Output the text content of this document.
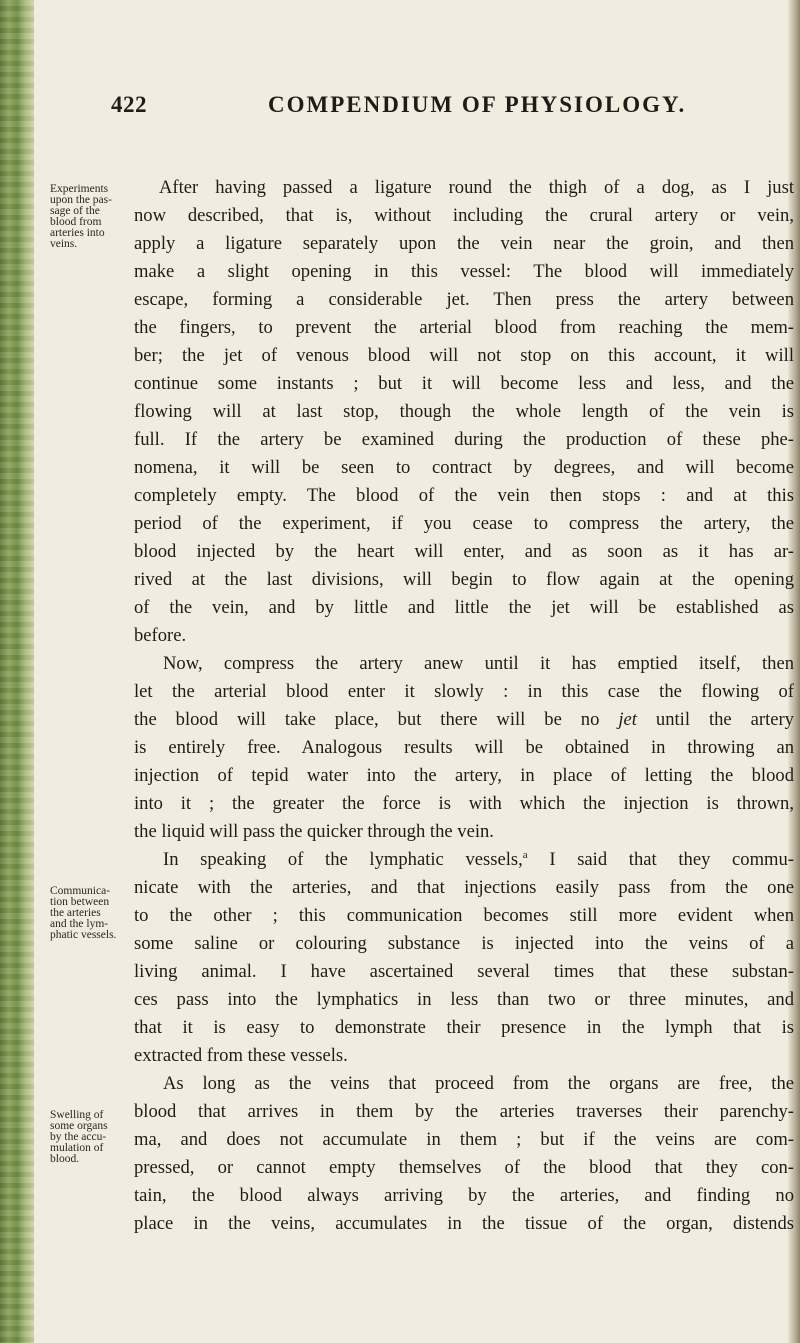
422	COMPENDIUM OF PHYSIOLOGY.
Experiments
upon the pas-
sage of the
blood from
arteries into
veins.
Communica-
tion between
the arteries
and the lym-
phatic vessels.
Swelling of
some organs
by the accu-
mulation of
blood.
After having passed a ligature round the thigh of a dog, as I just
now described, that is, without including the crural artery or vein,
apply a ligature separately upon the vein near the groin, and then
make a slight opening in this vessel: The blood will immediately
escape, forming a considerable jet. Then press the artery between
the fingers, to prevent the arterial blood from reaching the mem-
ber; the jet of venous blood will not stop on this account, it will
continue some instants ; but it will become less and less, and the
flowing will at last stop, though the whole length of the vein is
full. If the artery be examined during the production of these phe-
nomena, it will be seen to contract by degrees, and will become
completely empty. The blood of the vein then stops : and at this
period of the experiment, if you cease to compress the artery, the
blood injected by the heart will enter, and as soon as it has ar-
rived at the last divisions, will begin to flow again at the opening
of the vein, and by little and little the jet will be established as
before.
Now, compress the artery anew until it has emptied itself, then
let the arterial blood enter it slowly : in this case the flowing of
the blood will take place, but there will be no jet until the artery
is entirely free. Analogous results will be obtained in throwing an
injection of tepid water into the artery, in place of letting the blood
into it ; the greater the force is with which the injection is thrown,
the liquid will pass the quicker through the vein.
In speaking of the lymphatic vessels,$^a$ I said that they commu-
nicate with the arteries, and that injections easily pass from the one
to the other ; this communication becomes still more evident when
some saline or colouring substance is injected into the veins of a
living animal. I have ascertained several times that these substan-
ces pass into the lymphatics in less than two or three minutes, and
that it is easy to demonstrate their presence in the lymph that is
extracted from these vessels.
As long as the veins that proceed from the organs are free, the
blood that arrives in them by the arteries traverses their parenchy-
ma, and does not accumulate in them ; but if the veins are com-
pressed, or cannot empty themselves of the blood that they con-
tain, the blood always arriving by the arteries, and finding no
place in the veins, accumulates in the tissue of the organ, distends
